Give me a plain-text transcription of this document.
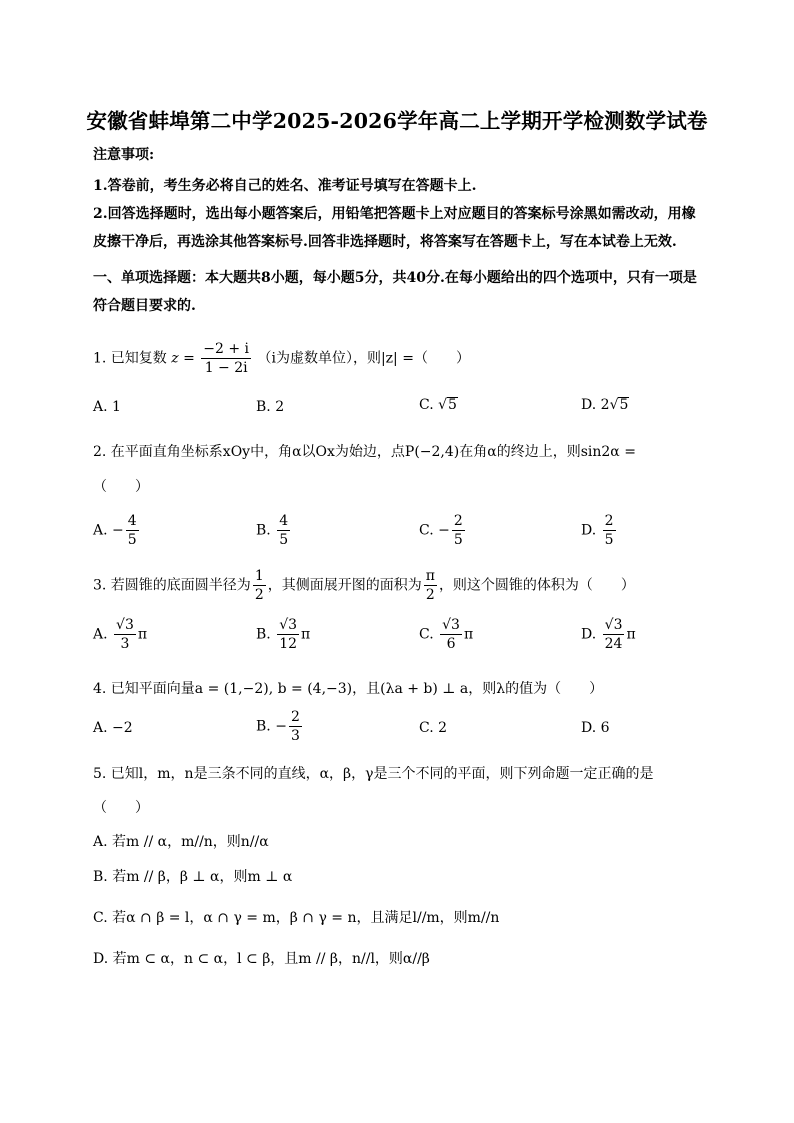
安徽省蚌埠第二中学2025-2026学年高二上学期开学检测数学试卷
注意事项:
1.答卷前，考生务必将自己的姓名、准考证号填写在答题卡上.
2.回答选择题时，选出每小题答案后，用铅笔把答题卡上对应题目的答案标号涂黑如需改动，用橡皮擦干净后，再选涂其他答案标号.回答非选择题时，将答案写在答题卡上，写在本试卷上无效.
一、单项选择题：本大题共8小题，每小题5分，共40分.在每小题给出的四个选项中，只有一项是符合题目要求的.
1. 已知复数 $z = \frac{-2 + i}{1 - 2i} (i$为虚数单位），则|z| =（　　）
A. 1	B. 2	C. √5	D. 2√5
2. 在平面直角坐标系xOy中，角α以Ox为始边，点P(−2,4)在角α的终边上，则sin2α =
（　　）
A. − $\frac{4}{5}$	B. $\frac{4}{5}$	C. − $\frac{2}{5}$	D. $\frac{2}{5}$
3. 若圆锥的底面圆半径为 $\frac{1}{2}$ ，其侧面展开图的面积为 $\frac{\pi}{2}$ ，则这个圆锥的体积为（　　）
A. $\frac{√3}{3}$ π	B. $\frac{√3}{12}$ π	C. $\frac{√3}{6}$ π	D. $\frac{√3}{24}$ π
4. 已知平面向量a = (1,−2), b = (4,−3)，且(λa + b) ⊥ a，则λ的值为（　　）
A. −2	B. − $\frac{2}{3}$	C. 2	D. 6
5. 已知l，m，n是三条不同的直线，α，β，γ是三个不同的平面，则下列命题一定正确的是
（　　）
A. 若m // α，m//n，则n//α
B. 若m // β，β ⊥ α，则m ⊥ α
C. 若α ∩ β = l，α ∩ γ = m，β ∩ γ = n，且满足l//m，则m//n
D. 若m ⊂ α，n ⊂ α，l ⊂ β，且m // β，n//l，则α//β
